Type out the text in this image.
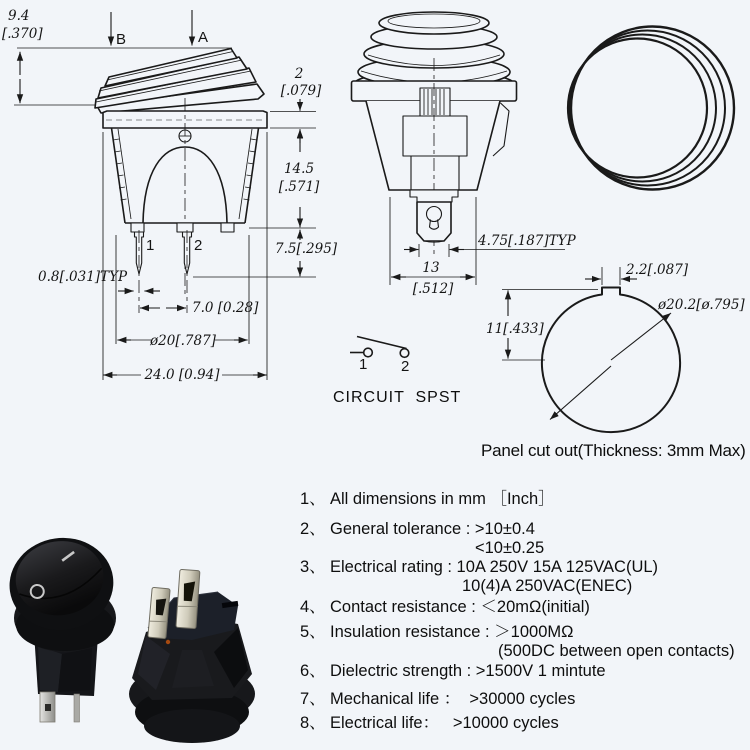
B	A
9.4
[.370]
1	2
2
[.079]
14.5
[.571]
7.5[.295]
0.8[.031]TYP
7.0 [0.28]
ø20[.787]
24.0 [0.94]
4.75[.187]TYP
13
[.512]
1 2
CIRCUIT  SPST
2.2[.087]
11[.433]
ø20.2[ø.795]
Panel cut out(Thickness: 3mm Max)
1、 All dimensions in mm ［Inch］
2、 General tolerance : >10±0.4
<10±0.25
3、 Electrical rating : 10A 250V 15A 125VAC(UL)
10(4)A 250VAC(ENEC)
4、 Contact resistance : ＜20mΩ(initial)
5、 Insulation resistance : ＞1000MΩ
(500DC between open contacts)
6、 Dielectric strength : >1500V 1 mintute
7、 Mechanical life ：  >30000 cycles
8、 Electrical life：   >10000 cycles
